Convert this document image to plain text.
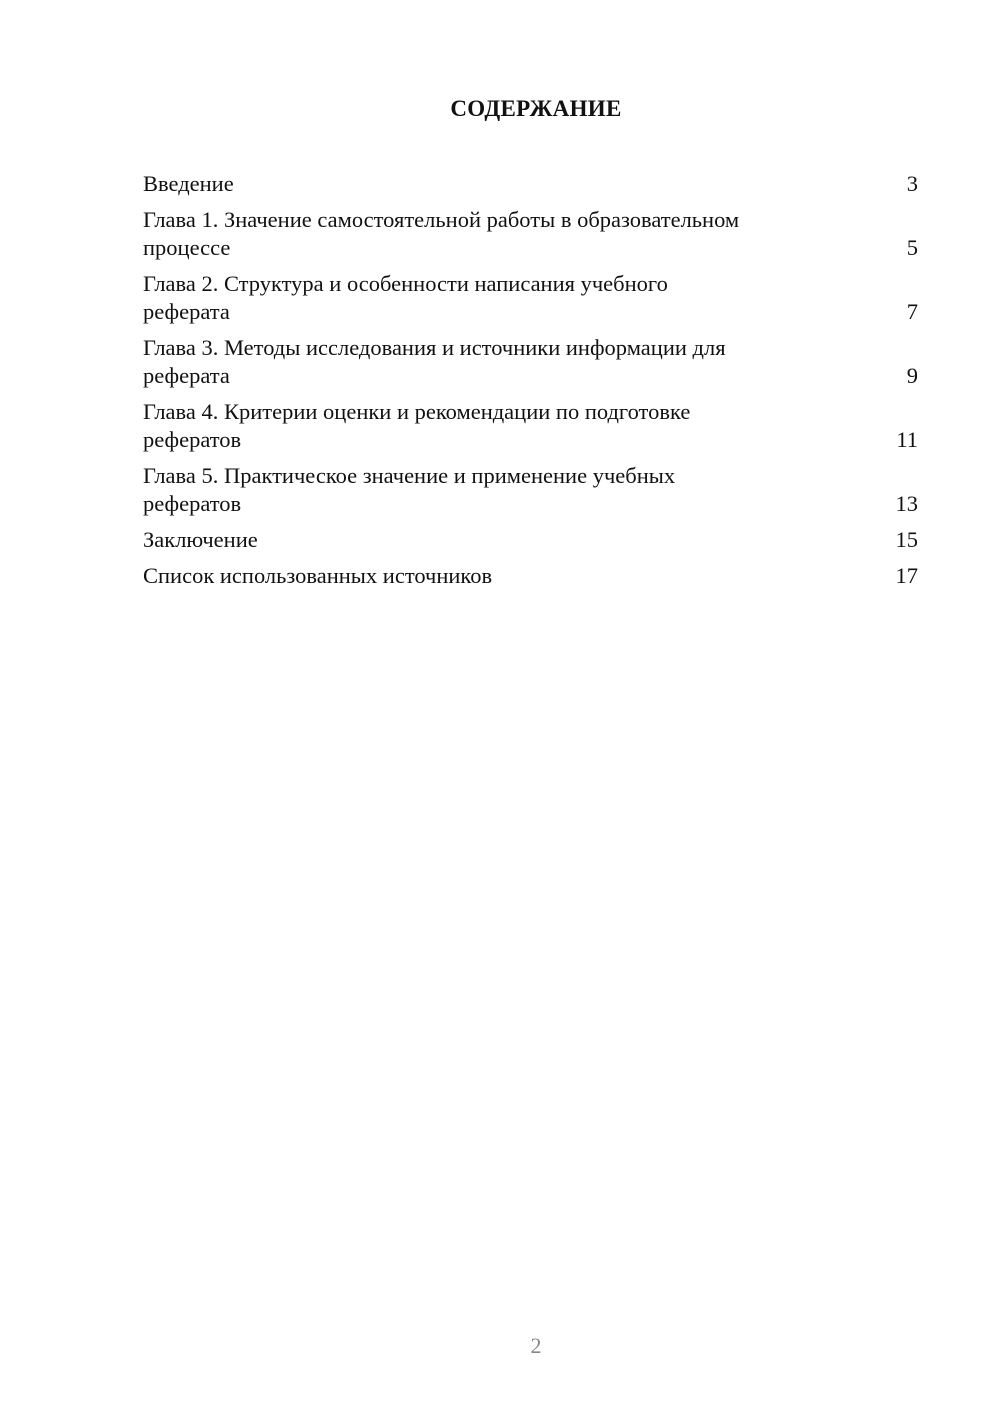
СОДЕРЖАНИЕ
Введение	3
Глава 1. Значение самостоятельной работы в образовательном
процессе	5
Глава 2. Структура и особенности написания учебного
реферата	7
Глава 3. Методы исследования и источники информации для
реферата	9
Глава 4. Критерии оценки и рекомендации по подготовке
рефератов	11
Глава 5. Практическое значение и применение учебных
рефератов	13
Заключение	15
Список использованных источников	17
2
